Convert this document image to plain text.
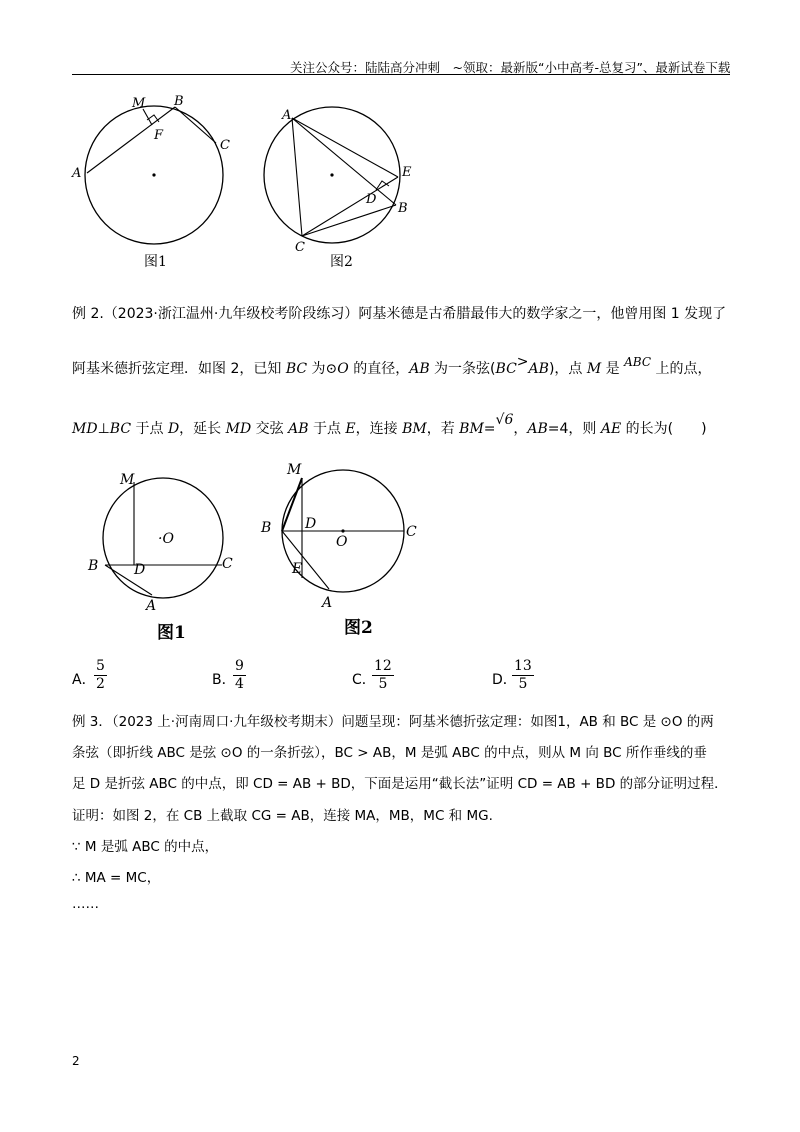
关注公众号：陆陆高分冲刺　~领取：最新版“小中高考-总复习”、最新试卷下载
M B
F
C
A
图1
A
E
D
B
C
图2
例 2.（2023·浙江温州·九年级校考阶段练习）阿基米德是古希腊最伟大的数学家之一，他曾用图 1 发现了
阿基米德折弦定理．如图 2，已知 BC 为⊙O 的直径，AB 为一条弦(BC>AB)，点 M 是 ABC 上的点，
MD⊥BC 于点 D，延长 MD 交弦 AB 于点 E，连接 BM，若 BM=√6，AB=4，则 AE 的长为(　　)
M
·O
B	D	C
A
图1
M
B D
O
C
E
A
图2
A．
$\frac{5}{2}$	B．
$\frac{9}{4}$	C．
$\frac{12}{5}$	D．
$\frac{13}{5}$
例 3．（2023 上·河南周口·九年级校考期末）问题呈现：阿基米德折弦定理：如图1，AB 和 BC 是 ⊙O 的两
条弦（即折线 ABC 是弦 ⊙O 的一条折弦），BC > AB，M 是弧 ABC 的中点，则从 M 向 BC 所作垂线的垂
足 D 是折弦 ABC 的中点，即 CD = AB + BD，下面是运用“截长法”证明 CD = AB + BD 的部分证明过程．
证明：如图 2，在 CB 上截取 CG = AB，连接 MA，MB，MC 和 MG.
∵ M 是弧 ABC 的中点，
∴ MA = MC，
……
2
